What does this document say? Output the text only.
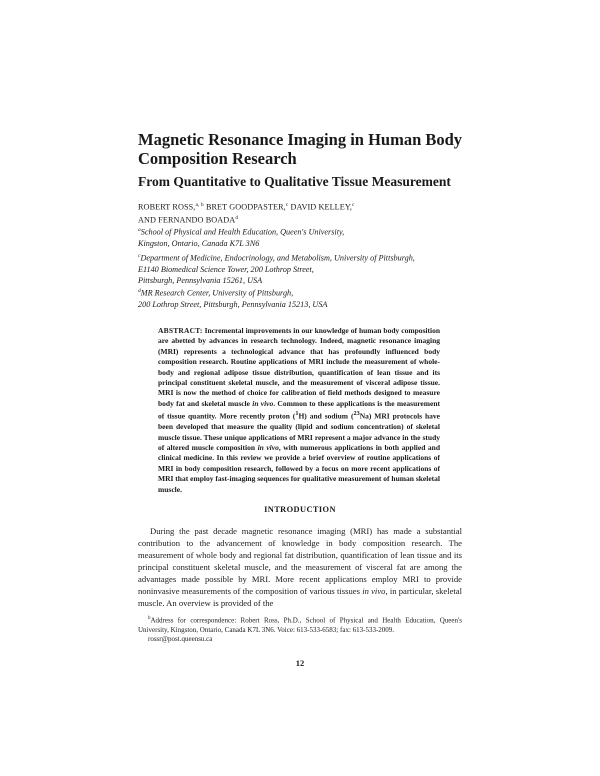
Magnetic Resonance Imaging in Human Body Composition Research
From Quantitative to Qualitative Tissue Measurement
ROBERT ROSS,$^{a, b}$ BRET GOODPASTER,$^c$ DAVID KELLEY,$^c$
AND FERNANDO BOADA$^d$
$^a$School of Physical and Health Education, Queen's University,
Kingston, Ontario, Canada K7L 3N6
$^c$Department of Medicine, Endocrinology, and Metabolism, University of Pittsburgh,
E1140 Biomedical Science Tower, 200 Lothrop Street,
Pittsburgh, Pennsylvania 15261, USA
$^d$MR Research Center, University of Pittsburgh,
200 Lothrop Street, Pittsburgh, Pennsylvania 15213, USA
ABSTRACT: Incremental improvements in our knowledge of human body composition are abetted by advances in research technology. Indeed, magnetic resonance imaging (MRI) represents a technological advance that has profoundly influenced body composition research. Routine applications of MRI include the measurement of whole-body and regional adipose tissue distribution, quantification of lean tissue and its principal constituent skeletal muscle, and the measurement of visceral adipose tissue. MRI is now the method of choice for calibration of field methods designed to measure body fat and skeletal muscle in vivo. Common to these applications is the measurement of tissue quantity. More recently proton ($^1$H) and sodium ($^{23}$Na) MRI protocols have been developed that measure the quality (lipid and sodium concentration) of skeletal muscle tissue. These unique applications of MRI represent a major advance in the study of altered muscle composition in vivo, with numerous applications in both applied and clinical medicine. In this review we provide a brief overview of routine applications of MRI in body composition research, followed by a focus on more recent applications of MRI that employ fast-imaging sequences for qualitative measurement of human skeletal muscle.
INTRODUCTION
During the past decade magnetic resonance imaging (MRI) has made a substantial contribution to the advancement of knowledge in body composition research. The measurement of whole body and regional fat distribution, quantification of lean tissue and its principal constituent skeletal muscle, and the measurement of visceral fat are among the advantages made possible by MRI. More recent applications employ MRI to provide noninvasive measurements of the composition of various tissues in vivo, in particular, skeletal muscle. An overview is provided of the
$^b$Address for correspondence: Robert Ross, Ph.D., School of Physical and Health Education, Queen's University, Kingston, Ontario, Canada K7L 3N6. Voice: 613-533-6583; fax: 613-533-2009.
rossr@post.queensu.ca
12
